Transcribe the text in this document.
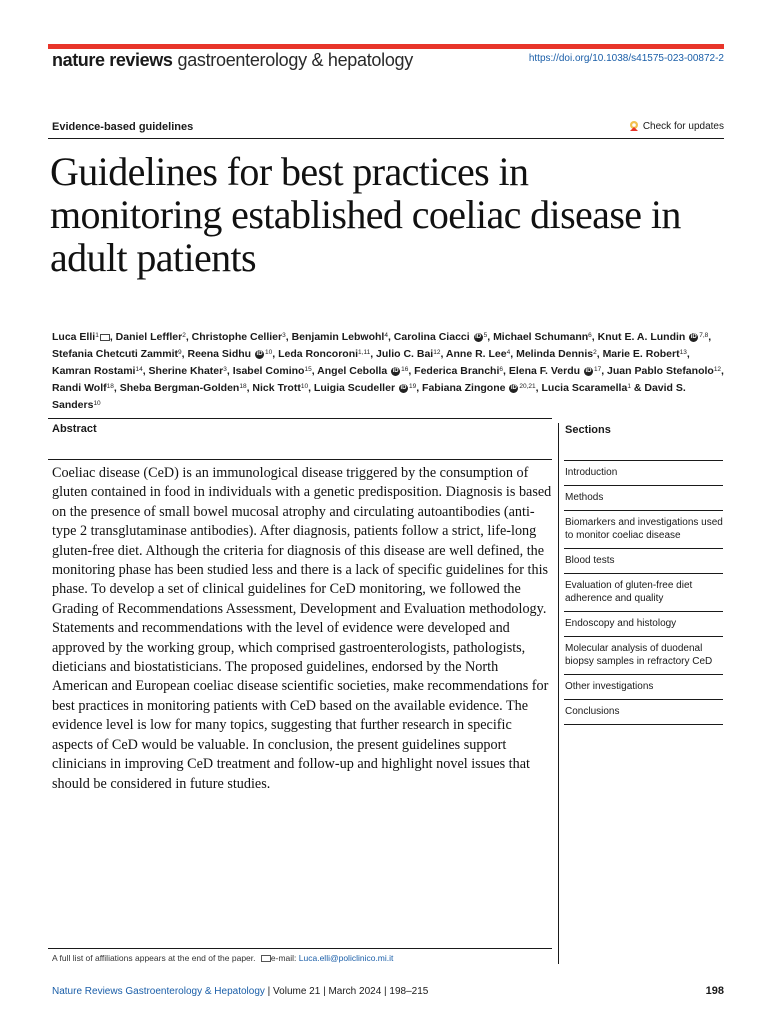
nature reviews gastroenterology & hepatology	https://doi.org/10.1038/s41575-023-00872-2
Evidence-based guidelines	Check for updates
Guidelines for best practices in monitoring established coeliac disease in adult patients
Luca Elli$^1$ , Daniel Leffler$^2$, Christophe Cellier$^3$, Benjamin Lebwohl$^4$, Carolina Ciacci iD $^5$, Michael Schumann$^6$, Knut E. A. Lundin iD $^{7,8}$, Stefania Chetcuti Zammit$^9$, Reena Sidhu iD $^{10}$, Leda Roncoroni$^{1,11}$, Julio C. Bai$^{12}$, Anne R. Lee$^4$, Melinda Dennis$^2$, Marie E. Robert$^{13}$, Kamran Rostami$^{14}$, Sherine Khater$^3$, Isabel Comino$^{15}$, Angel Cebolla iD $^{16}$, Federica Branchi$^6$, Elena F. Verdu iD $^{17}$, Juan Pablo Stefanolo$^{12}$, Randi Wolf$^{18}$, Sheba Bergman-Golden$^{18}$, Nick Trott$^{10}$, Luigia Scudeller iD $^{19}$, Fabiana Zingone iD $^{20,21}$, Lucia Scaramella$^1$ & David S. Sanders$^{10}$
Abstract

Coeliac disease (CeD) is an immunological disease triggered by the consumption of gluten contained in food in individuals with a genetic predisposition. Diagnosis is based on the presence of small bowel mucosal atrophy and circulating autoantibodies (anti-type 2 transglutaminase antibodies). After diagnosis, patients follow a strict, life-long gluten-free diet. Although the criteria for diagnosis of this disease are well defined, the monitoring phase has been studied less and there is a lack of specific guidelines for this phase. To develop a set of clinical guidelines for CeD monitoring, we followed the Grading of Recommendations Assessment, Development and Evaluation methodology. Statements and recommendations with the level of evidence were developed and approved by the working group, which comprised gastroenterologists, pathologists, dieticians and biostatisticians. The proposed guidelines, endorsed by the North American and European coeliac disease scientific societies, make recommendations for best practices in monitoring patients with CeD based on the available evidence. The evidence level is low for many topics, suggesting that further research in specific aspects of CeD would be valuable. In conclusion, the present guidelines support clinicians in improving CeD treatment and follow-up and highlight novel issues that should be considered in future studies.

Sections
Introduction
Methods
Biomarkers and investigations used to monitor coeliac disease
Blood tests
Evaluation of gluten-free diet adherence and quality
Endoscopy and histology
Molecular analysis of duodenal biopsy samples in refractory CeD
Other investigations
Conclusions
A full list of affiliations appears at the end of the paper. e-mail: Luca.elli@policlinico.mi.it
Nature Reviews Gastroenterology & Hepatology | Volume 21 | March 2024 | 198–215	198
